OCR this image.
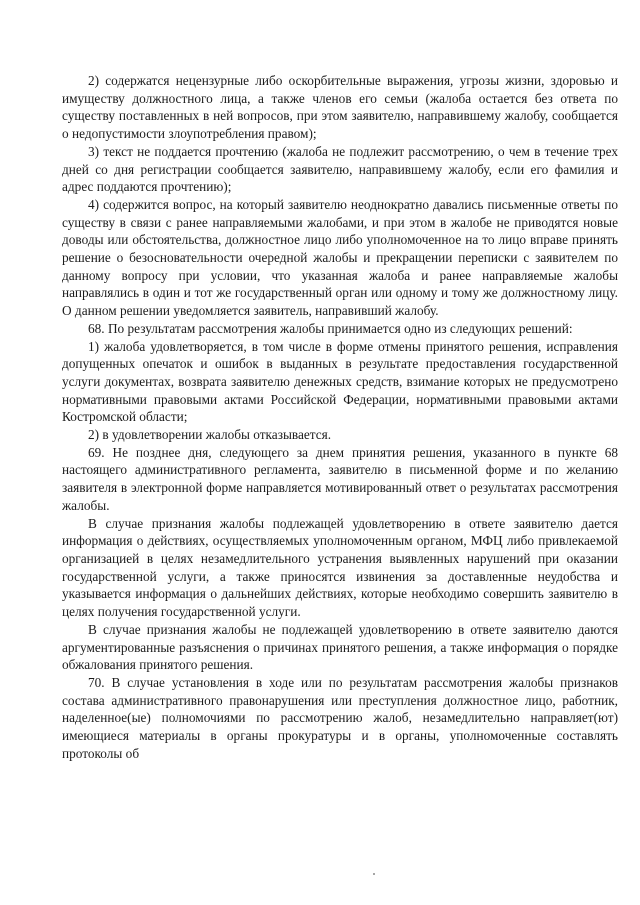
2) содержатся нецензурные либо оскорбительные выражения, угрозы жизни, здоровью и имуществу должностного лица, а также членов его семьи (жалоба остается без ответа по существу поставленных в ней вопросов, при этом заявителю, направившему жалобу, сообщается о недопустимости злоупотребления правом);

3) текст не поддается прочтению (жалоба не подлежит рассмотрению, о чем в течение трех дней со дня регистрации сообщается заявителю, направившему жалобу, если его фамилия и адрес поддаются прочтению);

4) содержится вопрос, на который заявителю неоднократно давались письменные ответы по существу в связи с ранее направляемыми жалобами, и при этом в жалобе не приводятся новые доводы или обстоятельства, должностное лицо либо уполномоченное на то лицо вправе принять решение о безосновательности очередной жалобы и прекращении переписки с заявителем по данному вопросу при условии, что указанная жалоба и ранее направляемые жалобы направлялись в один и тот же государственный орган или одному и тому же должностному лицу. О данном решении уведомляется заявитель, направивший жалобу.

68. По результатам рассмотрения жалобы принимается одно из следующих решений:

1) жалоба удовлетворяется, в том числе в форме отмены принятого решения, исправления допущенных опечаток и ошибок в выданных в результате предоставления государственной услуги документах, возврата заявителю денежных средств, взимание которых не предусмотрено нормативными правовыми актами Российской Федерации, нормативными правовыми актами Костромской области;

2) в удовлетворении жалобы отказывается.

69. Не позднее дня, следующего за днем принятия решения, указанного в пункте 68 настоящего административного регламента, заявителю в письменной форме и по желанию заявителя в электронной форме направляется мотивированный ответ о результатах рассмотрения жалобы.

В случае признания жалобы подлежащей удовлетворению в ответе заявителю дается информация о действиях, осуществляемых уполномоченным органом, МФЦ либо привлекаемой организацией в целях незамедлительного устранения выявленных нарушений при оказании государственной услуги, а также приносятся извинения за доставленные неудобства и указывается информация о дальнейших действиях, которые необходимо совершить заявителю в целях получения государственной услуги.

В случае признания жалобы не подлежащей удовлетворению в ответе заявителю даются аргументированные разъяснения о причинах принятого решения, а также информация о порядке обжалования принятого решения.

70. В случае установления в ходе или по результатам рассмотрения жалобы признаков состава административного правонарушения или преступления должностное лицо, работник, наделенное(ые) полномочиями по рассмотрению жалоб, незамедлительно направляет(ют) имеющиеся материалы в органы прокуратуры и в органы, уполномоченные составлять протоколы об
